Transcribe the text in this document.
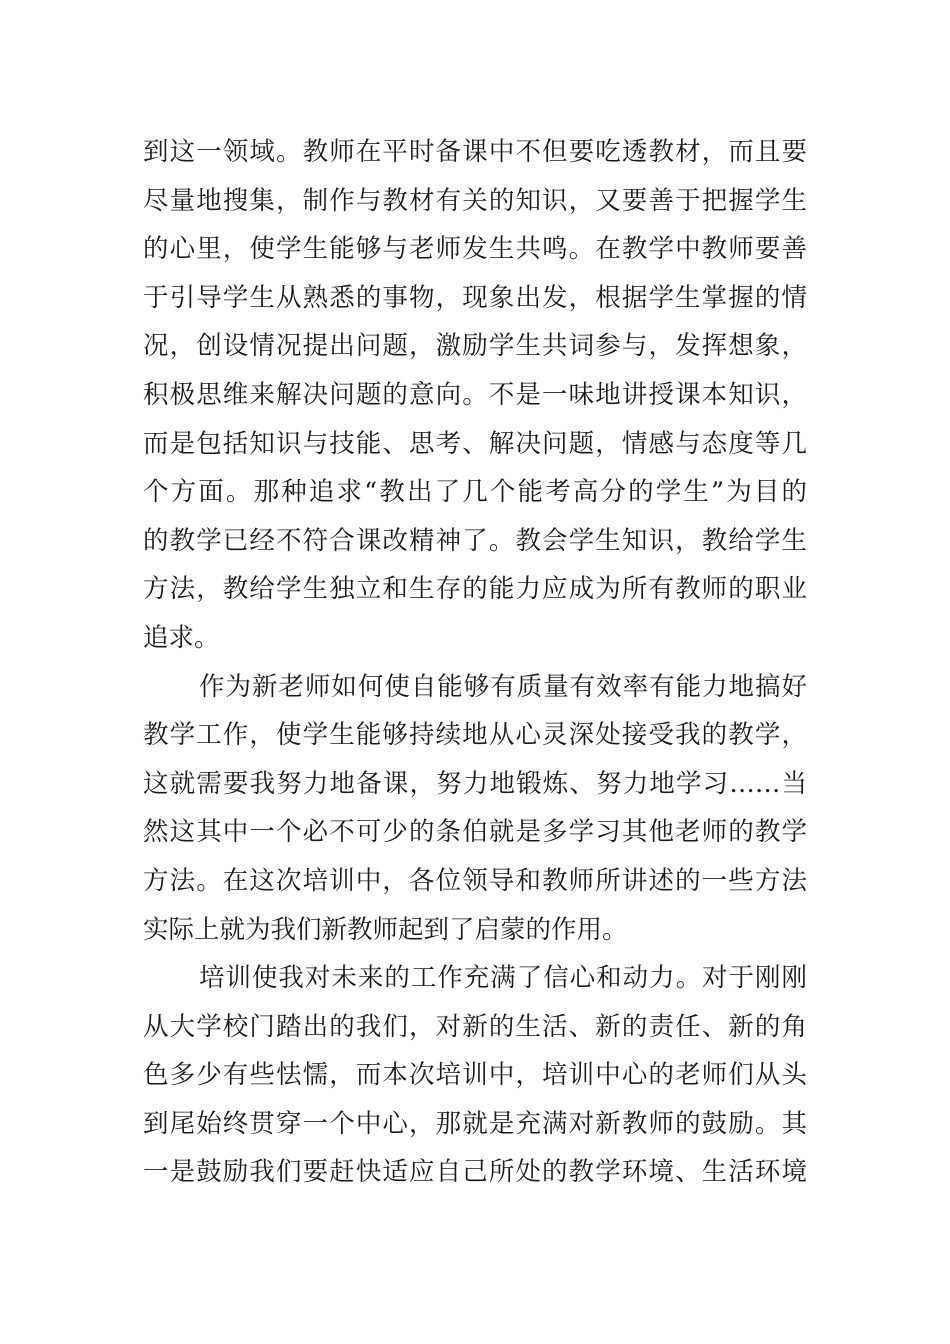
到这一领域。教师在平时备课中不但要吃透教材，而且要
尽量地搜集，制作与教材有关的知识，又要善于把握学生
的心里，使学生能够与老师发生共鸣。在教学中教师要善
于引导学生从熟悉的事物，现象出发，根据学生掌握的情
况，创设情况提出问题，激励学生共词参与，发挥想象，
积极思维来解决问题的意向。不是一味地讲授课本知识，
而是包括知识与技能、思考、解决问题，情感与态度等几
个方面。那种追求“教出了几个能考高分的学生”为目的
的教学已经不符合课改精神了。教会学生知识，教给学生
方法，教给学生独立和生存的能力应成为所有教师的职业
追求。
作为新老师如何使自能够有质量有效率有能力地搞好
教学工作，使学生能够持续地从心灵深处接受我的教学，
这就需要我努力地备课，努力地锻炼、努力地学习……当
然这其中一个必不可少的条伯就是多学习其他老师的教学
方法。在这次培训中，各位领导和教师所讲述的一些方法
实际上就为我们新教师起到了启蒙的作用。
培训使我对未来的工作充满了信心和动力。对于刚刚
从大学校门踏出的我们，对新的生活、新的责任、新的角
色多少有些怯懦，而本次培训中，培训中心的老师们从头
到尾始终贯穿一个中心，那就是充满对新教师的鼓励。其
一是鼓励我们要赶快适应自己所处的教学环境、生活环境
